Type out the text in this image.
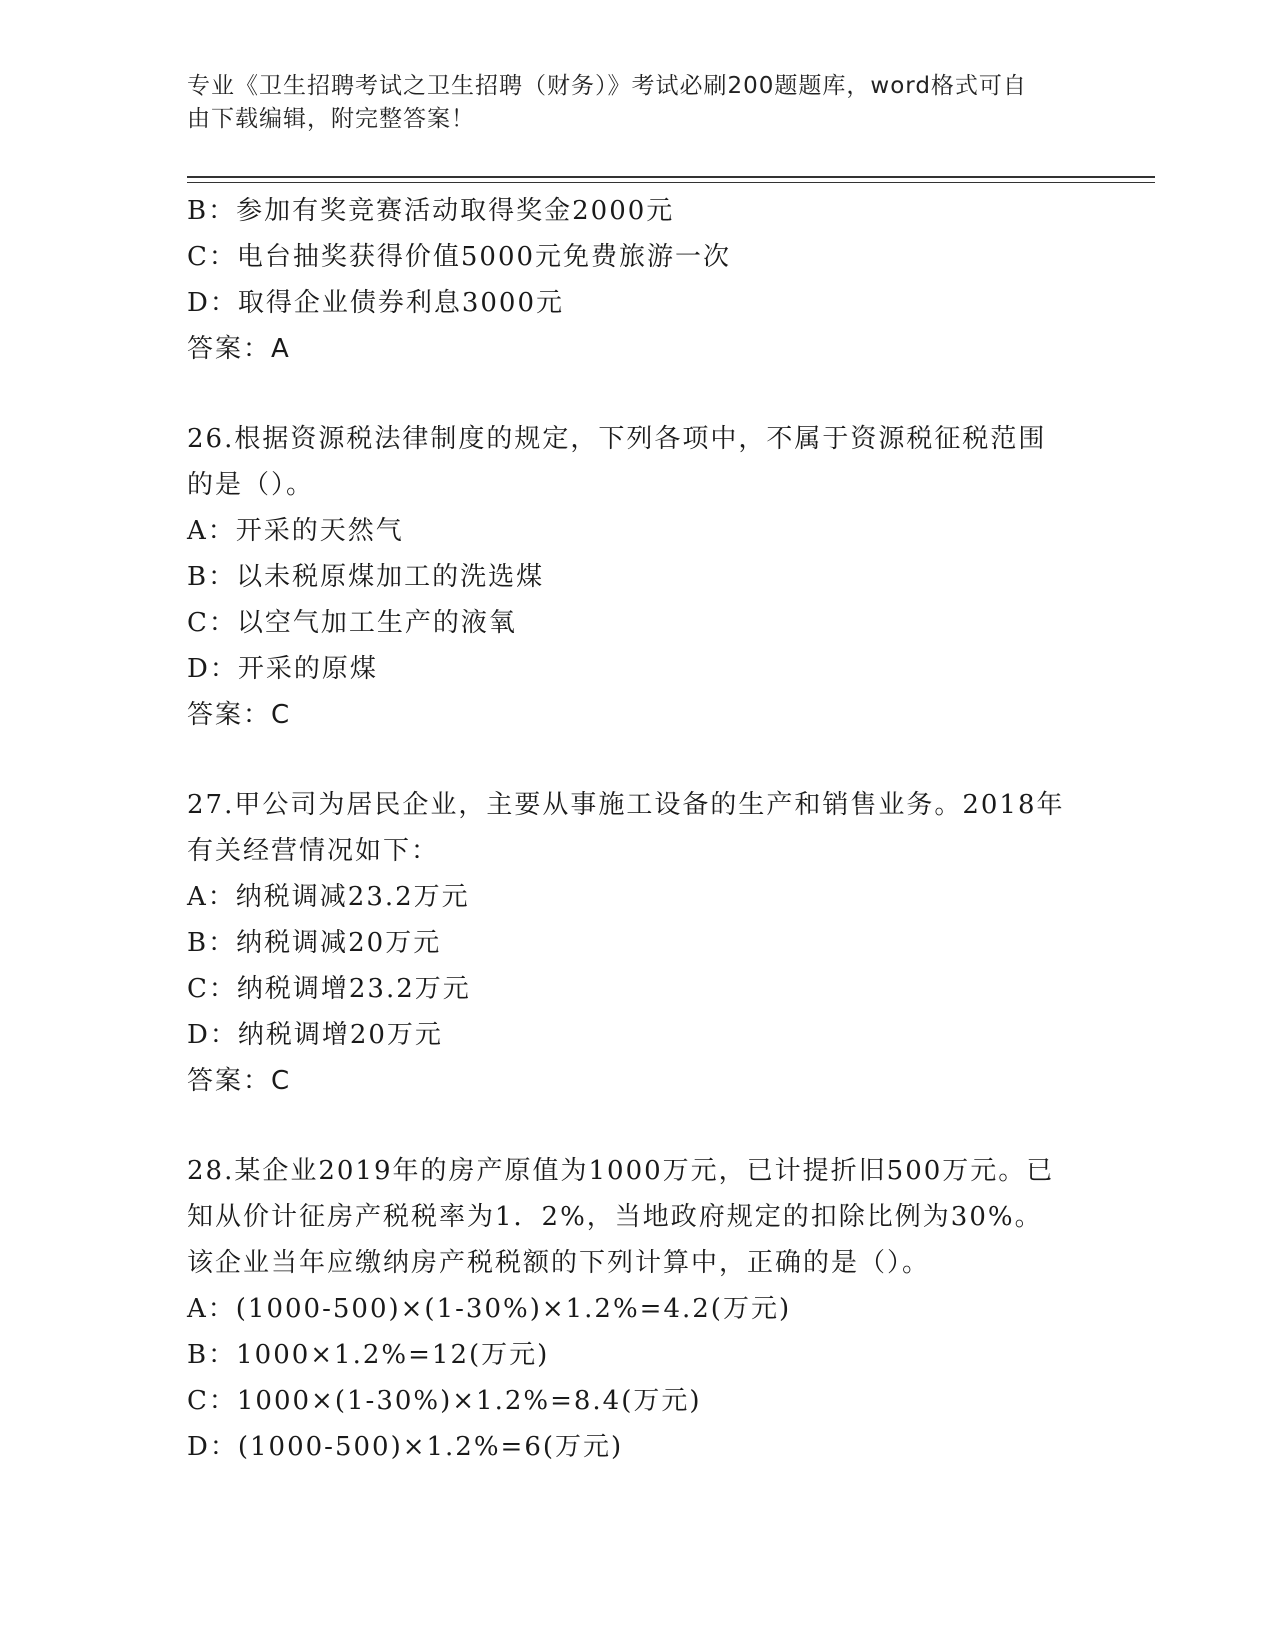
专业《卫生招聘考试之卫生招聘（财务）》考试必刷200题题库，word格式可自
由下载编辑，附完整答案！
B：参加有奖竞赛活动取得奖金2000元
C：电台抽奖获得价值5000元免费旅游一次
D：取得企业债券利息3000元
答案：A
26.根据资源税法律制度的规定，下列各项中，不属于资源税征税范围
的是（）。
A：开采的天然气
B：以未税原煤加工的洗选煤
C：以空气加工生产的液氧
D：开采的原煤
答案：C
27.甲公司为居民企业，主要从事施工设备的生产和销售业务。2018年
有关经营情况如下：
A：纳税调减23.2万元
B：纳税调减20万元
C：纳税调增23.2万元
D：纳税调增20万元
答案：C
28.某企业2019年的房产原值为1000万元，已计提折旧500万元。已
知从价计征房产税税率为1．2%，当地政府规定的扣除比例为30%。
该企业当年应缴纳房产税税额的下列计算中，正确的是（）。
A：(1000-500)×(1-30%)×1.2%=4.2(万元)
B：1000×1.2%=12(万元)
C：1000×(1-30%)×1.2%=8.4(万元)
D：(1000-500)×1.2%=6(万元)
